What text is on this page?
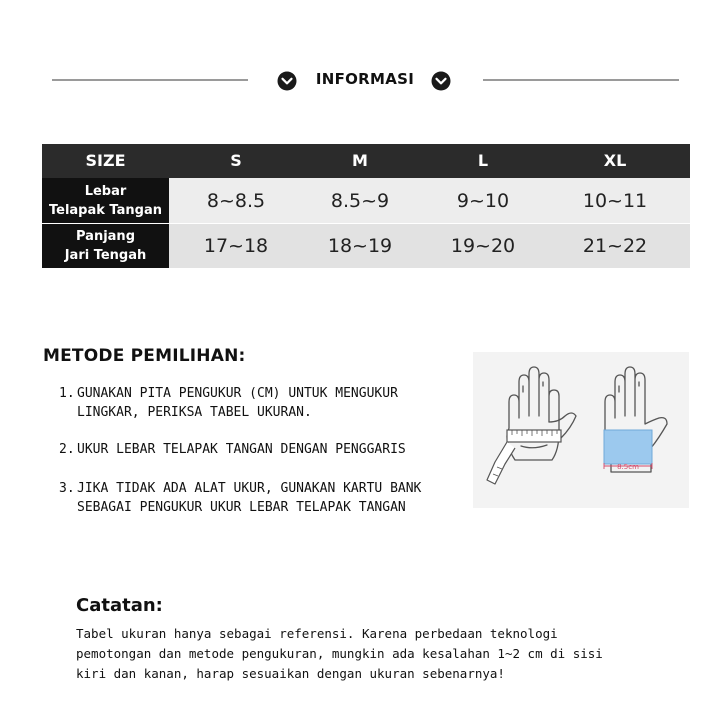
INFORMASI
SIZE	S	M	L	XL
Lebar
Telapak Tangan	8~8.5	8.5~9	9~10	10~11
Panjang
Jari Tengah	17~18	18~19	19~20	21~22
METODE PEMILIHAN:
1. GUNAKAN PITA PENGUKUR (CM) UNTUK MENGUKUR LINGKAR, PERIKSA TABEL UKURAN.
2. UKUR LEBAR TELAPAK TANGAN DENGAN PENGGARIS
3. JIKA TIDAK ADA ALAT UKUR, GUNAKAN KARTU BANK SEBAGAI PENGUKUR UKUR LEBAR TELAPAK TANGAN
8.5cm
Catatan:
Tabel ukuran hanya sebagai referensi. Karena perbedaan teknologi pemotongan dan metode pengukuran, mungkin ada kesalahan 1~2 cm di sisi kiri dan kanan, harap sesuaikan dengan ukuran sebenarnya!
